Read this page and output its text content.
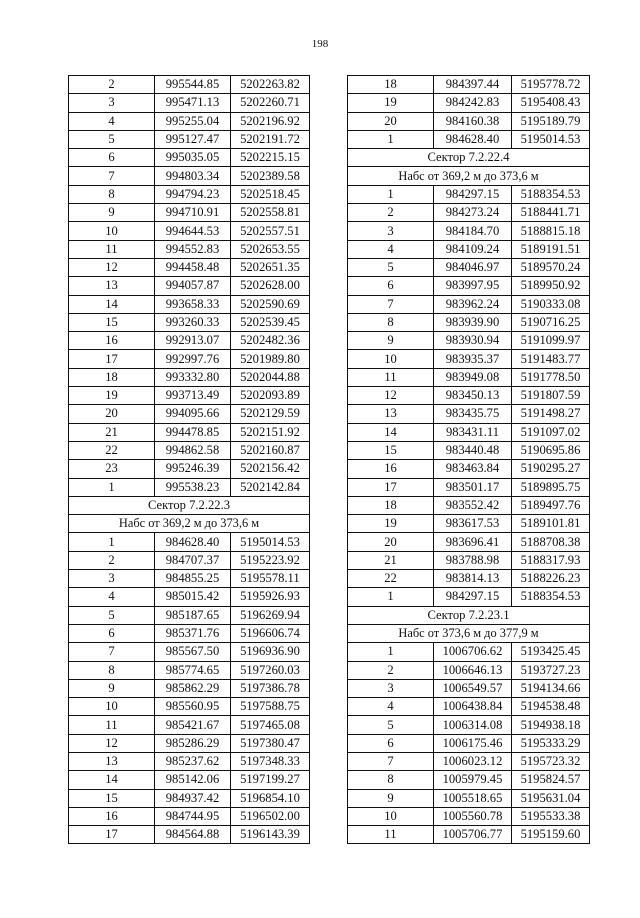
198
2	995544.85	5202263.82
3	995471.13	5202260.71
4	995255.04	5202196.92
5	995127.47	5202191.72
6	995035.05	5202215.15
7	994803.34	5202389.58
8	994794.23	5202518.45
9	994710.91	5202558.81
10	994644.53	5202557.51
11	994552.83	5202653.55
12	994458.48	5202651.35
13	994057.87	5202628.00
14	993658.33	5202590.69
15	993260.33	5202539.45
16	992913.07	5202482.36
17	992997.76	5201989.80
18	993332.80	5202044.88
19	993713.49	5202093.89
20	994095.66	5202129.59
21	994478.85	5202151.92
22	994862.58	5202160.87
23	995246.39	5202156.42
1	995538.23	5202142.84
Сектор 7.2.22.3		
Набс от 369,2 м до 373,6 м		
1	984628.40	5195014.53
2	984707.37	5195223.92
3	984855.25	5195578.11
4	985015.42	5195926.93
5	985187.65	5196269.94
6	985371.76	5196606.74
7	985567.50	5196936.90
8	985774.65	5197260.03
9	985862.29	5197386.78
10	985560.95	5197588.75
11	985421.67	5197465.08
12	985286.29	5197380.47
13	985237.62	5197348.33
14	985142.06	5197199.27
15	984937.42	5196854.10
16	984744.95	5196502.00
17	984564.88	5196143.39
18	984397.44	5195778.72
19	984242.83	5195408.43
20	984160.38	5195189.79
1	984628.40	5195014.53
Сектор 7.2.22.4		
Набс от 369,2 м до 373,6 м		
1	984297.15	5188354.53
2	984273.24	5188441.71
3	984184.70	5188815.18
4	984109.24	5189191.51
5	984046.97	5189570.24
6	983997.95	5189950.92
7	983962.24	5190333.08
8	983939.90	5190716.25
9	983930.94	5191099.97
10	983935.37	5191483.77
11	983949.08	5191778.50
12	983450.13	5191807.59
13	983435.75	5191498.27
14	983431.11	5191097.02
15	983440.48	5190695.86
16	983463.84	5190295.27
17	983501.17	5189895.75
18	983552.42	5189497.76
19	983617.53	5189101.81
20	983696.41	5188708.38
21	983788.98	5188317.93
22	983814.13	5188226.23
1	984297.15	5188354.53
Сектор 7.2.23.1		
Набс от 373,6 м до 377,9 м		
1	1006706.62	5193425.45
2	1006646.13	5193727.23
3	1006549.57	5194134.66
4	1006438.84	5194538.48
5	1006314.08	5194938.18
6	1006175.46	5195333.29
7	1006023.12	5195723.32
8	1005979.45	5195824.57
9	1005518.65	5195631.04
10	1005560.78	5195533.38
11	1005706.77	5195159.60
